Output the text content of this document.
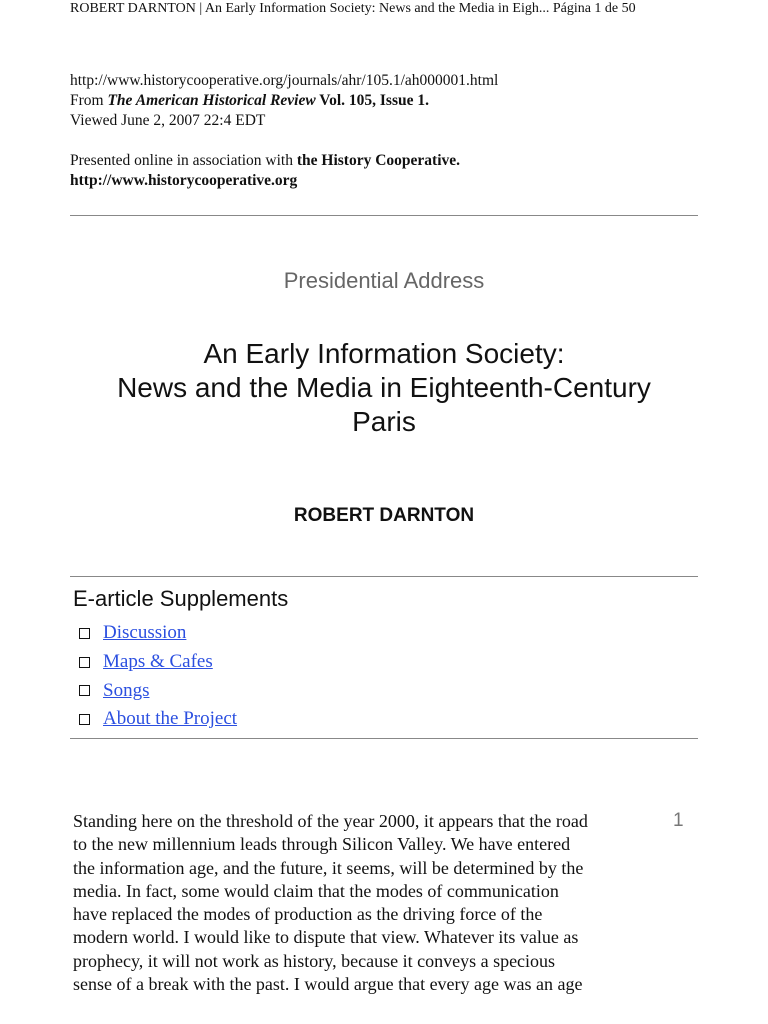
ROBERT DARNTON | An Early Information Society: News and the Media in Eigh... Página 1 de 50
http://www.historycooperative.org/journals/ahr/105.1/ah000001.html
From The American Historical Review Vol. 105, Issue 1.
Viewed June 2, 2007 22:4 EDT
Presented online in association with the History Cooperative.
http://www.historycooperative.org
Presidential Address
An Early Information Society:
News and the Media in Eighteenth-Century
Paris
ROBERT DARNTON
E-article Supplements
Discussion
Maps & Cafes
Songs
About the Project
Standing here on the threshold of the year 2000, it appears that the road
to the new millennium leads through Silicon Valley. We have entered
the information age, and the future, it seems, will be determined by the
media. In fact, some would claim that the modes of communication
have replaced the modes of production as the driving force of the
modern world. I would like to dispute that view. Whatever its value as
prophecy, it will not work as history, because it conveys a specious
sense of a break with the past. I would argue that every age was an age
1
